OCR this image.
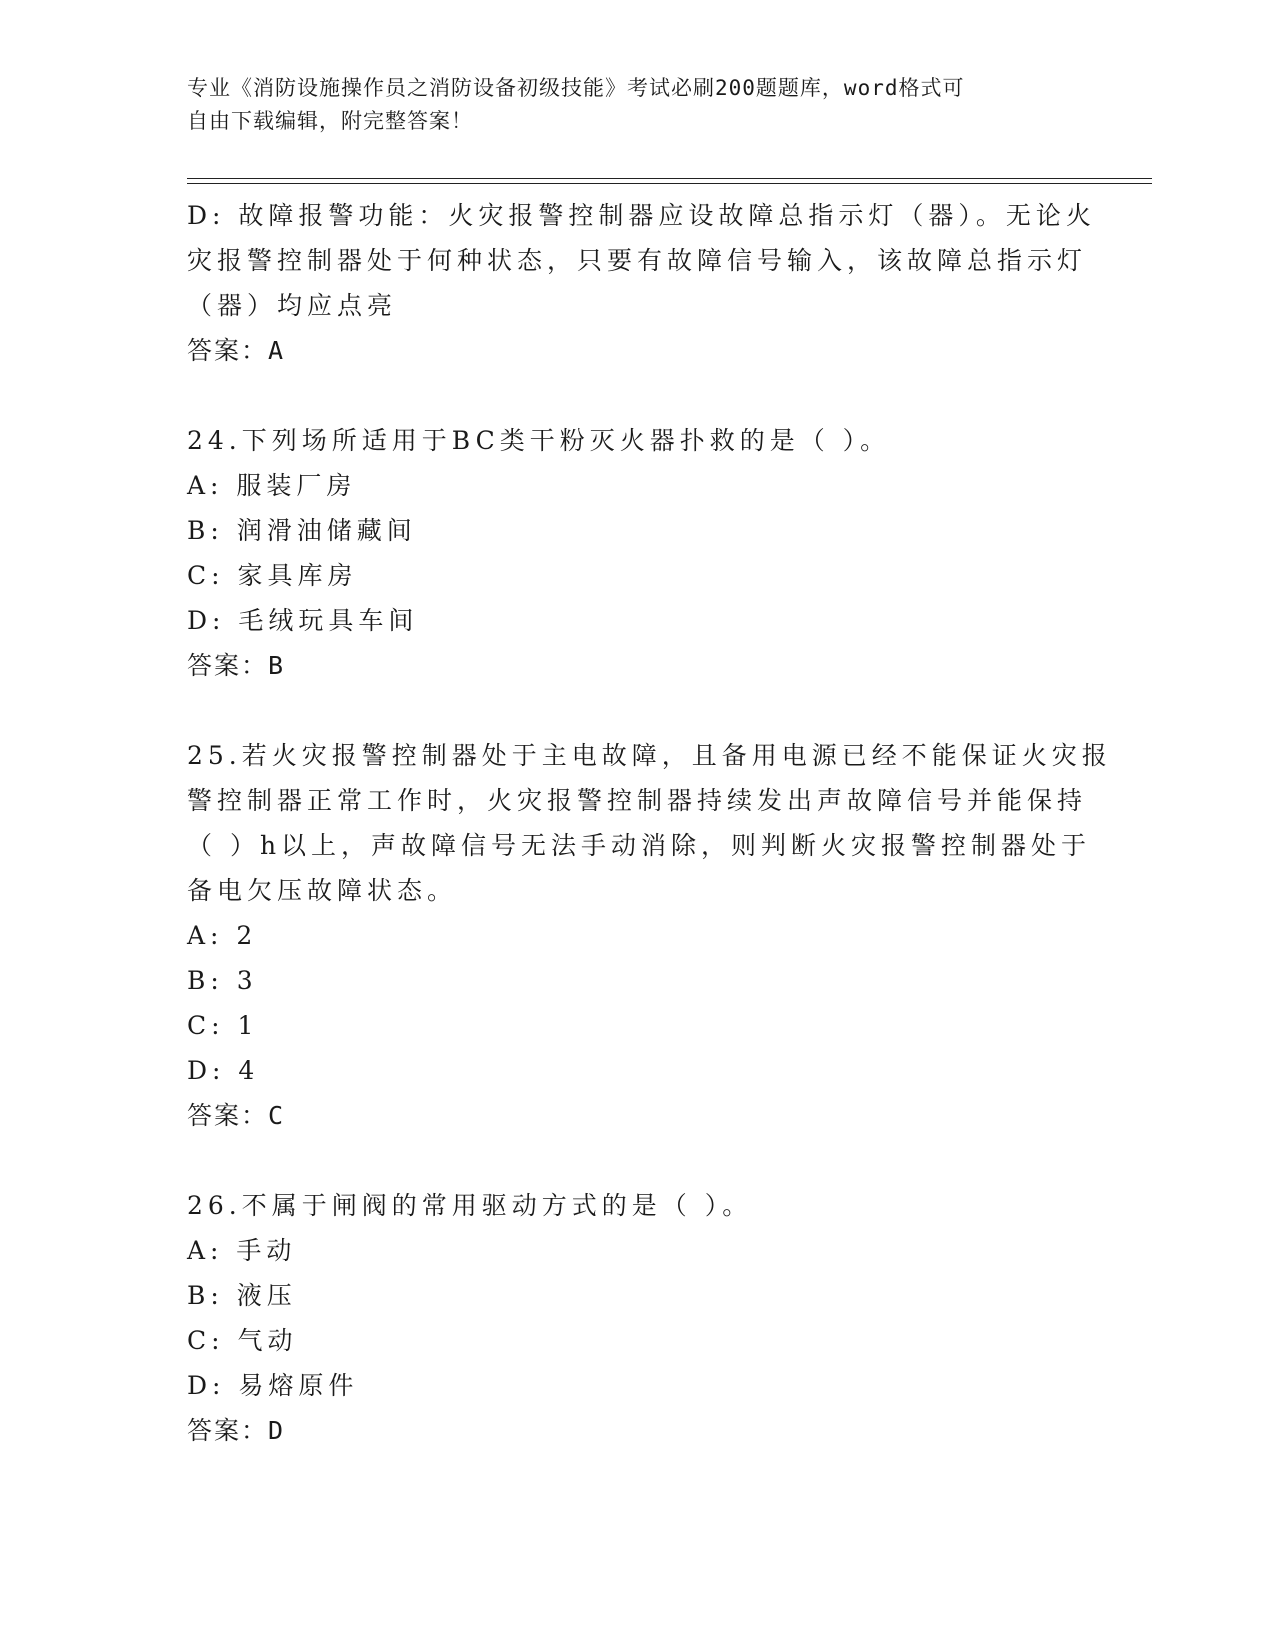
专业《消防设施操作员之消防设备初级技能》考试必刷200题题库，word格式可
自由下载编辑，附完整答案！
D: 故障报警功能：火灾报警控制器应设故障总指示灯（器）。无论火
灾报警控制器处于何种状态，只要有故障信号输入，该故障总指示灯
（器）均应点亮
答案：A
24.下列场所适用于BC类干粉灭火器扑救的是（ ）。
A: 服装厂房
B: 润滑油储藏间
C: 家具库房
D: 毛绒玩具车间
答案：B
25.若火灾报警控制器处于主电故障，且备用电源已经不能保证火灾报
警控制器正常工作时，火灾报警控制器持续发出声故障信号并能保持
（ ）h以上，声故障信号无法手动消除，则判断火灾报警控制器处于
备电欠压故障状态。
A: 2
B: 3
C: 1
D: 4
答案：C
26.不属于闸阀的常用驱动方式的是（ ）。
A: 手动
B: 液压
C: 气动
D: 易熔原件
答案：D
